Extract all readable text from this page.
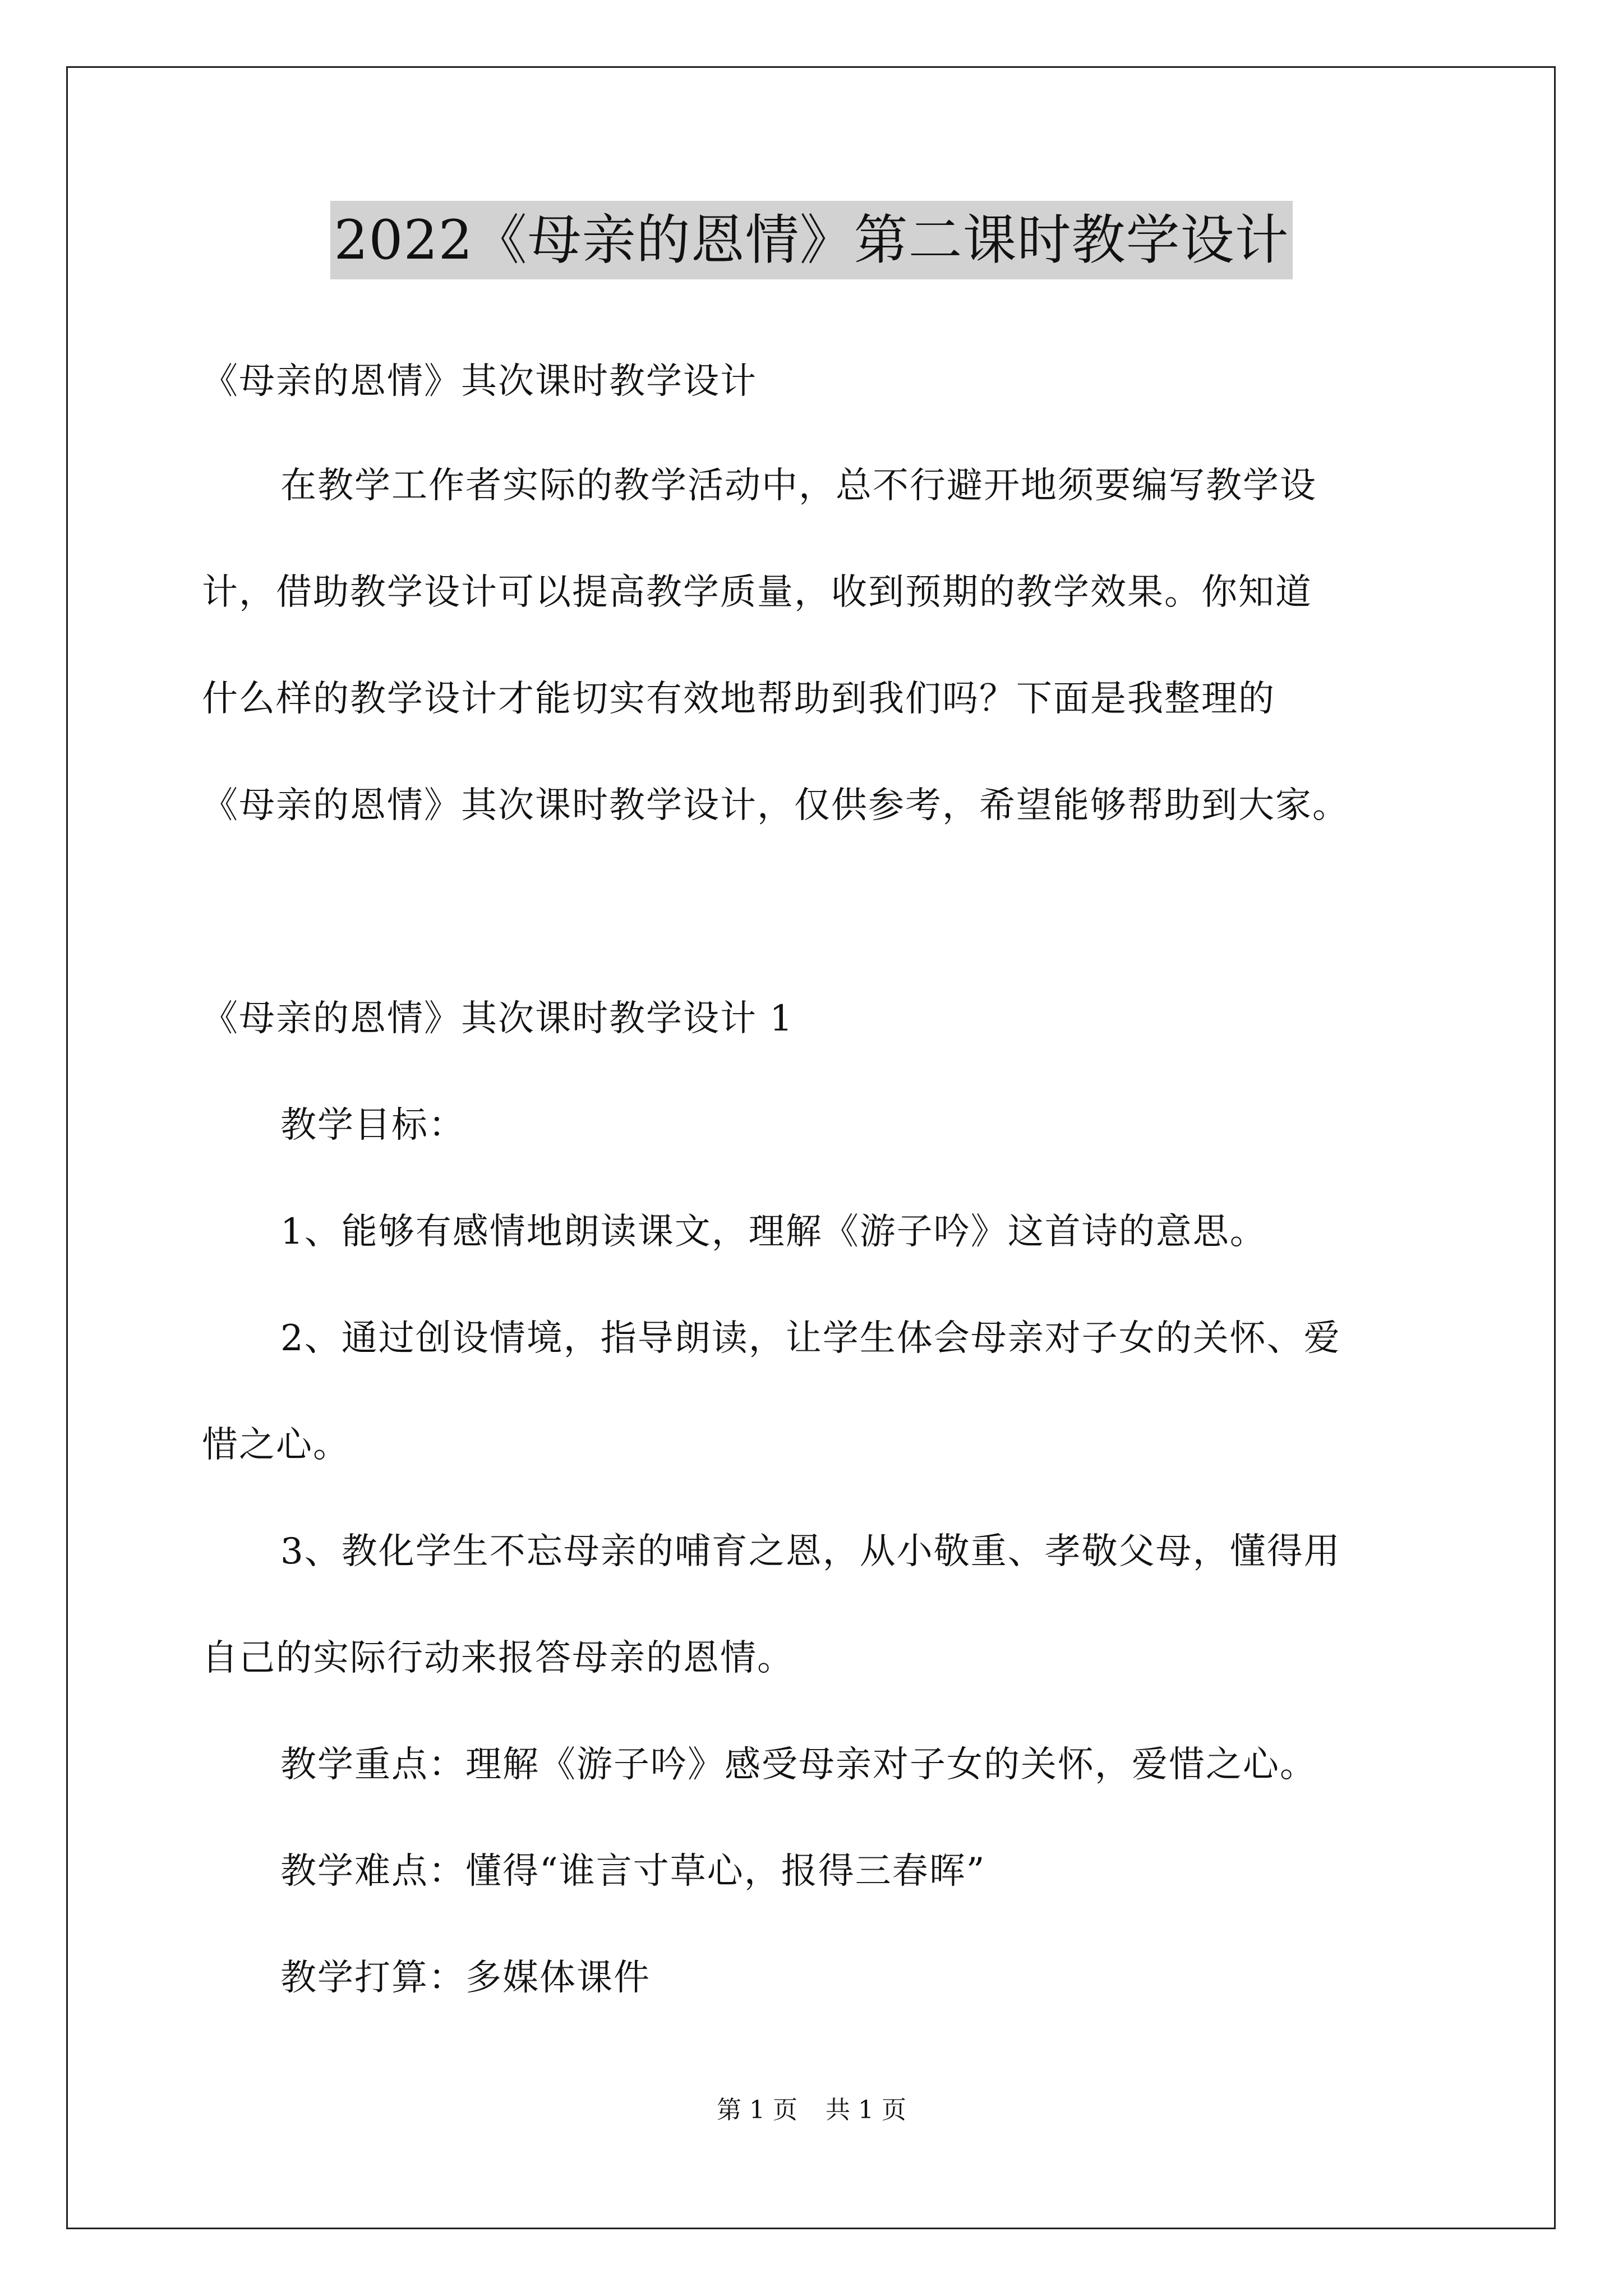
2022《母亲的恩情》第二课时教学设计
《母亲的恩情》其次课时教学设计
在教学工作者实际的教学活动中，总不行避开地须要编写教学设
计，借助教学设计可以提高教学质量，收到预期的教学效果。你知道
什么样的教学设计才能切实有效地帮助到我们吗？下面是我整理的
《母亲的恩情》其次课时教学设计，仅供参考，希望能够帮助到大家。
《母亲的恩情》其次课时教学设计 1
教学目标：
1、能够有感情地朗读课文，理解《游子吟》这首诗的意思。
2、通过创设情境，指导朗读，让学生体会母亲对子女的关怀、爱
惜之心。
3、教化学生不忘母亲的哺育之恩，从小敬重、孝敬父母，懂得用
自己的实际行动来报答母亲的恩情。
教学重点：理解《游子吟》感受母亲对子女的关怀，爱惜之心。
教学难点：懂得“谁言寸草心，报得三春晖”
教学打算：多媒体课件
第 1 页 共 1 页
